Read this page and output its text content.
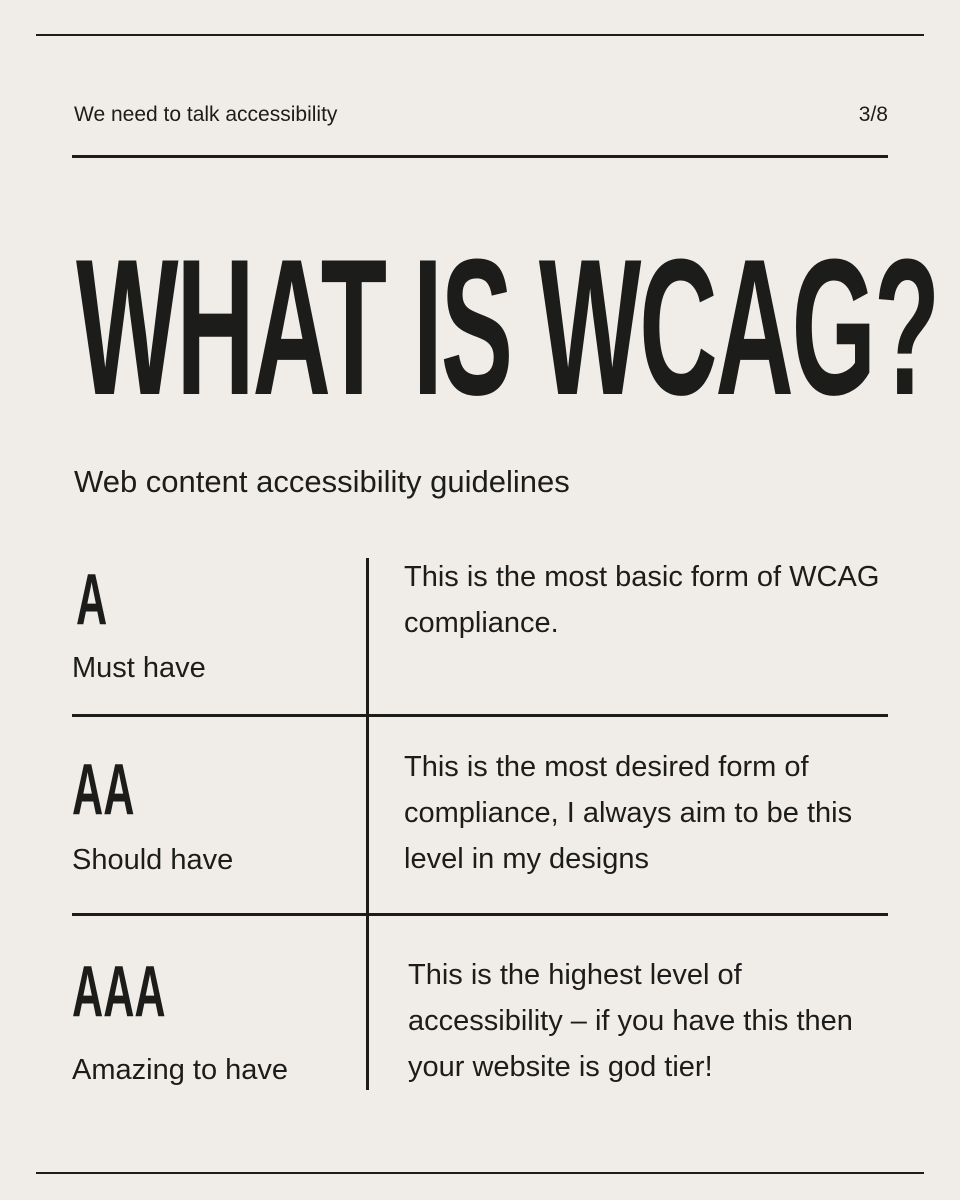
We need to talk accessibility	3/8
WHAT IS WCAG?
Web content accessibility guidelines
A
Must have
This is the most basic form of WCAG compliance.
AA
Should have
This is the most desired form of compliance, I always aim to be this level in my designs
AAA
Amazing to have
This is the highest level of accessibility – if you have this then your website is god tier!
